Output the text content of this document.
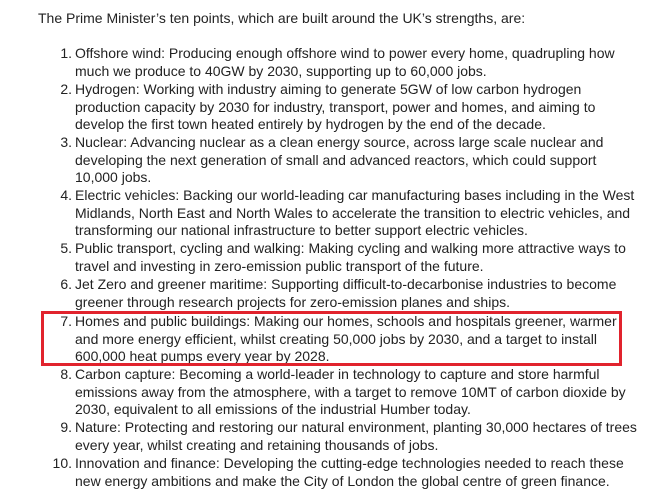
The Prime Minister’s ten points, which are built around the UK’s strengths, are:
1. Offshore wind: Producing enough offshore wind to power every home, quadrupling how
much we produce to 40GW by 2030, supporting up to 60,000 jobs.
2. Hydrogen: Working with industry aiming to generate 5GW of low carbon hydrogen
production capacity by 2030 for industry, transport, power and homes, and aiming to
develop the first town heated entirely by hydrogen by the end of the decade.
3. Nuclear: Advancing nuclear as a clean energy source, across large scale nuclear and
developing the next generation of small and advanced reactors, which could support
10,000 jobs.
4. Electric vehicles: Backing our world-leading car manufacturing bases including in the West
Midlands, North East and North Wales to accelerate the transition to electric vehicles, and
transforming our national infrastructure to better support electric vehicles.
5. Public transport, cycling and walking: Making cycling and walking more attractive ways to
travel and investing in zero-emission public transport of the future.
6. Jet Zero and greener maritime: Supporting difficult-to-decarbonise industries to become
greener through research projects for zero-emission planes and ships.
7. Homes and public buildings: Making our homes, schools and hospitals greener, warmer
and more energy efficient, whilst creating 50,000 jobs by 2030, and a target to install
600,000 heat pumps every year by 2028.
8. Carbon capture: Becoming a world-leader in technology to capture and store harmful
emissions away from the atmosphere, with a target to remove 10MT of carbon dioxide by
2030, equivalent to all emissions of the industrial Humber today.
9. Nature: Protecting and restoring our natural environment, planting 30,000 hectares of trees
every year, whilst creating and retaining thousands of jobs.
10. Innovation and finance: Developing the cutting-edge technologies needed to reach these
new energy ambitions and make the City of London the global centre of green finance.
